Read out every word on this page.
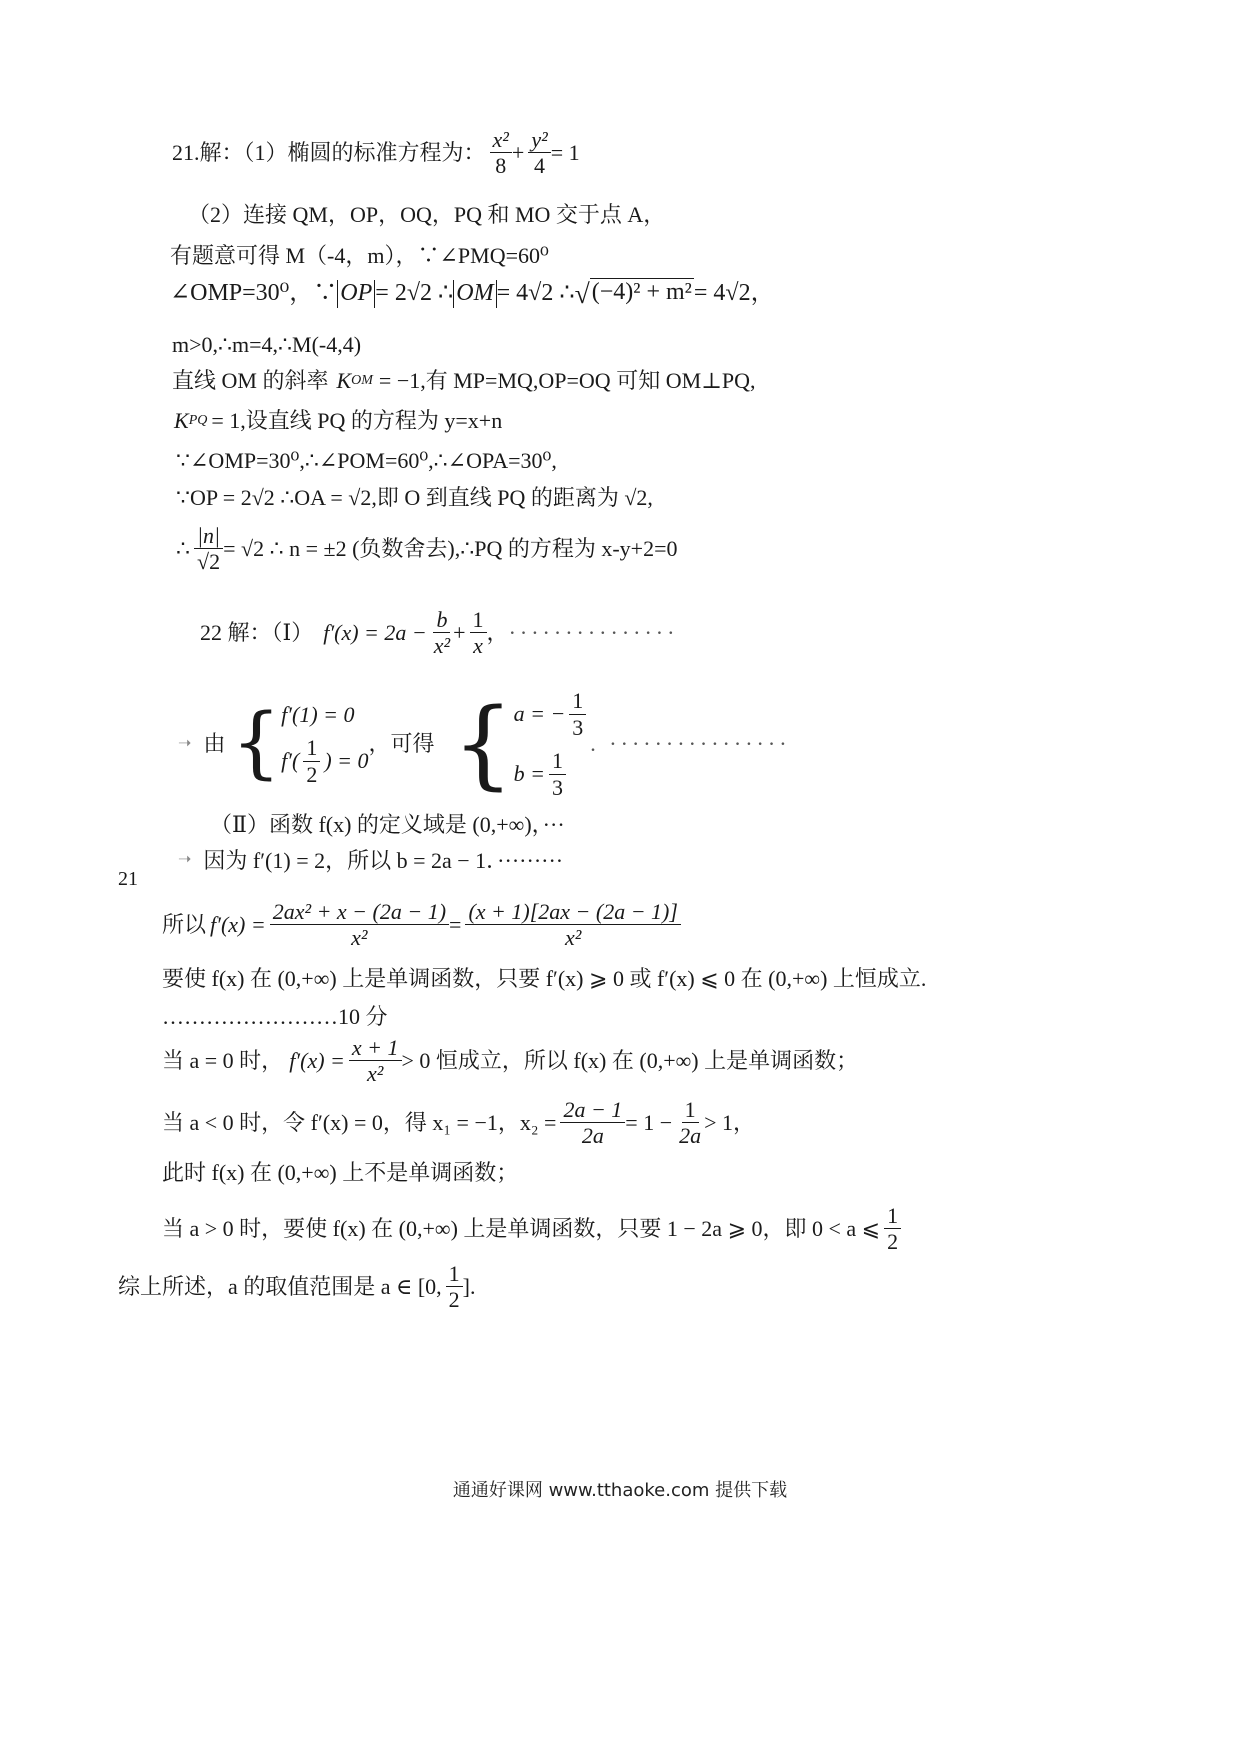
21.解：（1）椭圆的标准方程为： $\frac{\text{x²}}{8} + \frac{\text{y²}}{4} = 1$
（2）连接 QM，OP，OQ，PQ 和 MO 交于点 A，
有题意可得 M（-4，m），∵∠PMQ=60⁰
∠OMP=30⁰，∵ OP = 2√2 ∴ OM = 4√2 ∴ √ (−4)² + m² = 4√2，
m>0,∴m=4,∴M(-4,4)
直线 OM 的斜率 K OM = −1,有 MP=MQ,OP=OQ 可知 OM⊥PQ,
K PQ = 1,设直线 PQ 的方程为 y=x+n
∵∠OMP=30⁰,∴∠POM=60⁰,∴∠OPA=30⁰,
∵OP = 2√2 ∴OA = √2,即 O 到直线 PQ 的距离为 √2,
∴ $\frac{|n|}{√2} = √2$ ∴ n = ±2 (负数舍去),∴PQ 的方程为 x-y+2=0
22 解：（Ⅰ） $f'(x) = 2a - \frac{b}{\text{x²}} + \frac{1}{x}$ ， ···············
➝ 由 { f′(1) = 0
$f'( \frac{1}{2}$ ) = 0
，可得 { a = − $\frac{1}{3}$
$b = \frac{1}{3}$
. ················
（Ⅱ）函数 f(x) 的定义域是 (0,+∞)，···
➝ 因为 f′(1) = 2，所以 b = 2a − 1．·········
21
所以 $f'(x) = \frac{\text{2ax² + x − (2a − 1)}}{\text{x²}} = \frac{(x + 1)[2ax - (2a - 1)]}{\text{x²}}$
要使 f(x) 在 (0,+∞) 上是单调函数，只要 f′(x) ⩾ 0 或 f′(x) ⩽ 0 在 (0,+∞) 上恒成立.
……………………10 分
当 a = 0 时， $f'(x) = \frac{x + 1}{\text{x²}} > 0$ 恒成立，所以 f(x) 在 (0,+∞) 上是单调函数；
当 a < 0 时，令 f′(x) = 0，得 x₁ = −1，$x_2 = \frac{2a - 1}{2a} = 1 - \frac{1}{2a} > 1$，
此时 f(x) 在 (0,+∞) 上不是单调函数；
当 a > 0 时，要使 f(x) 在 (0,+∞) 上是单调函数，只要 1 − 2a ⩾ 0，即 0 < a ⩽ $\frac{1}{2}$
综上所述，a 的取值范围是 a ∈ [0, $\frac{1}{2}$ ].
通通好课网 www.tthaoke.com 提供下载
